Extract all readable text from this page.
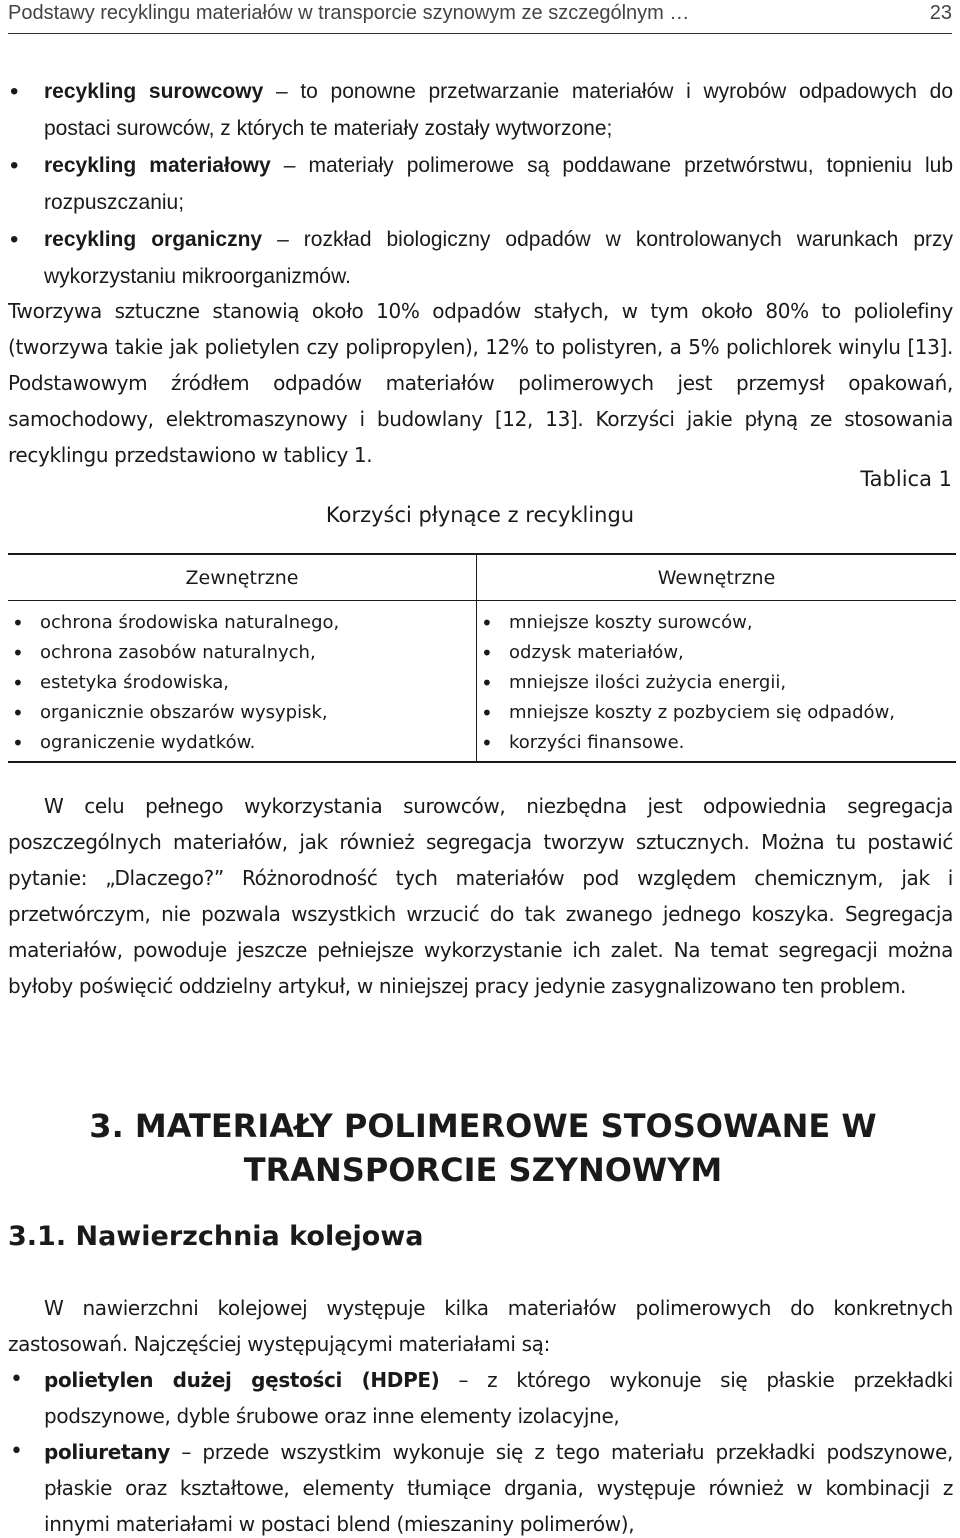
Podstawy recyklingu materiałów w transporcie szynowym ze szczególnym …	23
• recykling surowcowy – to ponowne przetwarzanie materiałów i wyrobów odpadowych do postaci surowców, z których te materiały zostały wytworzone;
• recykling materiałowy – materiały polimerowe są poddawane przetwórstwu, topnieniu lub rozpuszczaniu;
• recykling organiczny – rozkład biologiczny odpadów w kontrolowanych warunkach przy wykorzystaniu mikroorganizmów.

Tworzywa sztuczne stanowią około 10% odpadów stałych, w tym około 80% to poliolefiny (tworzywa takie jak polietylen czy polipropylen), 12% to polistyren, a 5% polichlorek winylu [13]. Podstawowym źródłem odpadów materiałów polimerowych jest przemysł opakowań, samochodowy, elektromaszynowy i budowlany [12, 13]. Korzyści jakie płyną ze stosowania recyklingu przedstawiono w tablicy 1.

Tablica 1
Korzyści płynące z recyklingu
Zewnętrzne
• ochrona środowiska naturalnego,
• ochrona zasobów naturalnych,
• estetyka środowiska,
• organicznie obszarów wysypisk,
• ograniczenie wydatków.
Wewnętrzne
• mniejsze koszty surowców,
• odzysk materiałów,
• mniejsze ilości zużycia energii,
• mniejsze koszty z pozbyciem się odpadów,
• korzyści finansowe.

W celu pełnego wykorzystania surowców, niezbędna jest odpowiednia segregacja poszczególnych materiałów, jak również segregacja tworzyw sztucznych. Można tu postawić pytanie: „Dlaczego?” Różnorodność tych materiałów pod względem chemicznym, jak i przetwórczym, nie pozwala wszystkich wrzucić do tak zwanego jednego koszyka. Segregacja materiałów, powoduje jeszcze pełniejsze wykorzystanie ich zalet. Na temat segregacji można byłoby poświęcić oddzielny artykuł, w niniejszej pracy jedynie zasygnalizowano ten problem.

3. MATERIAŁY POLIMEROWE STOSOWANE W TRANSPORCIE SZYNOWYM
3.1. Nawierzchnia kolejowa

W nawierzchni kolejowej występuje kilka materiałów polimerowych do konkretnych zastosowań. Najczęściej występującymi materiałami są:

• polietylen dużej gęstości (HDPE) – z którego wykonuje się płaskie przekładki podszynowe, dyble śrubowe oraz inne elementy izolacyjne,
• poliuretany – przede wszystkim wykonuje się z tego materiału przekładki podszynowe, płaskie oraz kształtowe, elementy tłumiące drgania, występuje również w kombinacji z innymi materiałami w postaci blend (mieszaniny polimerów),
